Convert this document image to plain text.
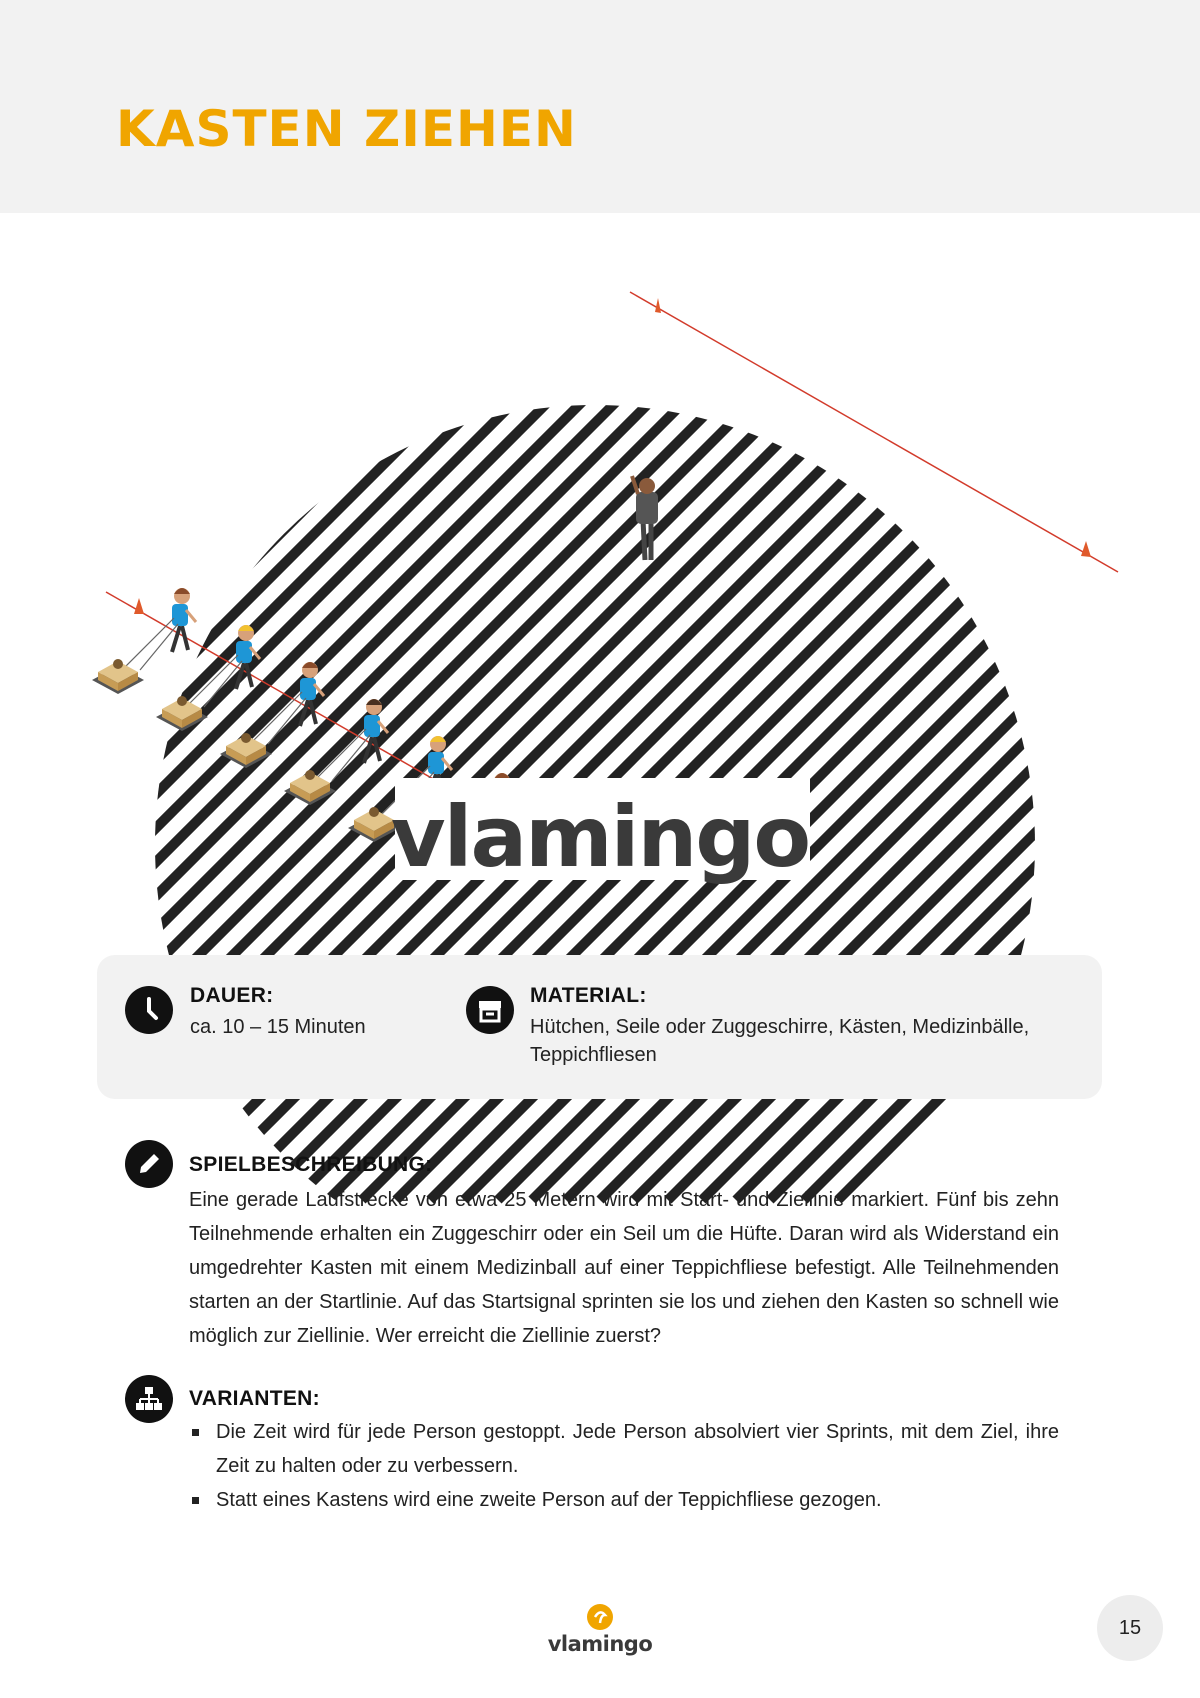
KASTEN ZIEHEN
vlamingo
DAUER:
ca. 10 – 15 Minuten
MATERIAL:
Hütchen, Seile oder Zuggeschirre, Kästen, Medizinbälle, Teppichfliesen
SPIELBESCHREIBUNG:

Eine gerade Laufstrecke von etwa 25 Metern wird mit Start- und Ziellinie markiert. Fünf bis zehn Teilnehmende erhalten ein Zuggeschirr oder ein Seil um die Hüfte. Daran wird als Widerstand ein umgedrehter Kasten mit einem Medizinball auf einer Teppichfliese befestigt. Alle Teilnehmenden starten an der Startlinie. Auf das Startsignal sprinten sie los und ziehen den Kasten so schnell wie möglich zur Ziellinie. Wer erreicht die Ziellinie zuerst?

VARIANTEN:
Die Zeit wird für jede Person gestoppt. Jede Person absolviert vier Sprints, mit dem Ziel, ihre Zeit zu halten oder zu verbessern.
Statt eines Kastens wird eine zweite Person auf der Teppichfliese gezogen.
vlamingo
15
